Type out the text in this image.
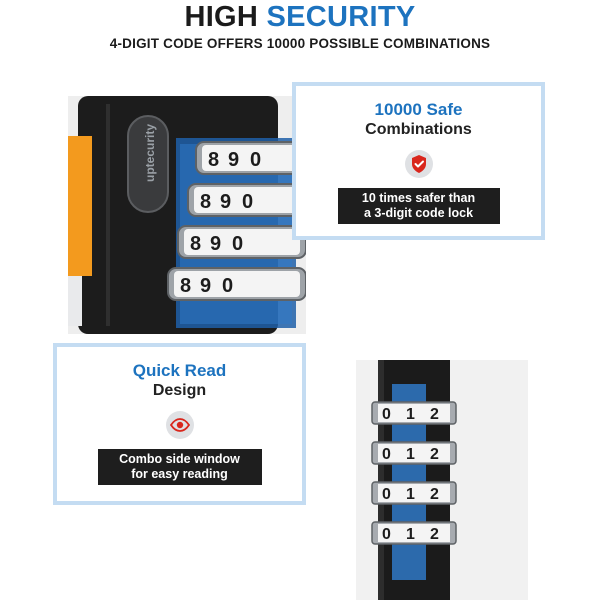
HIGH SECURITY
4-DIGIT CODE OFFERS 10000 POSSIBLE COMBINATIONS
uptecurity	8 9 0
8 9 0
8 9 0
8 9 0
10000 Safe
Combinations
10 times safer than
a 3-digit code lock
Quick Read
Design
Combo side window
for easy reading
0 1 2
0 1 2
0 1 2
0 1 2
